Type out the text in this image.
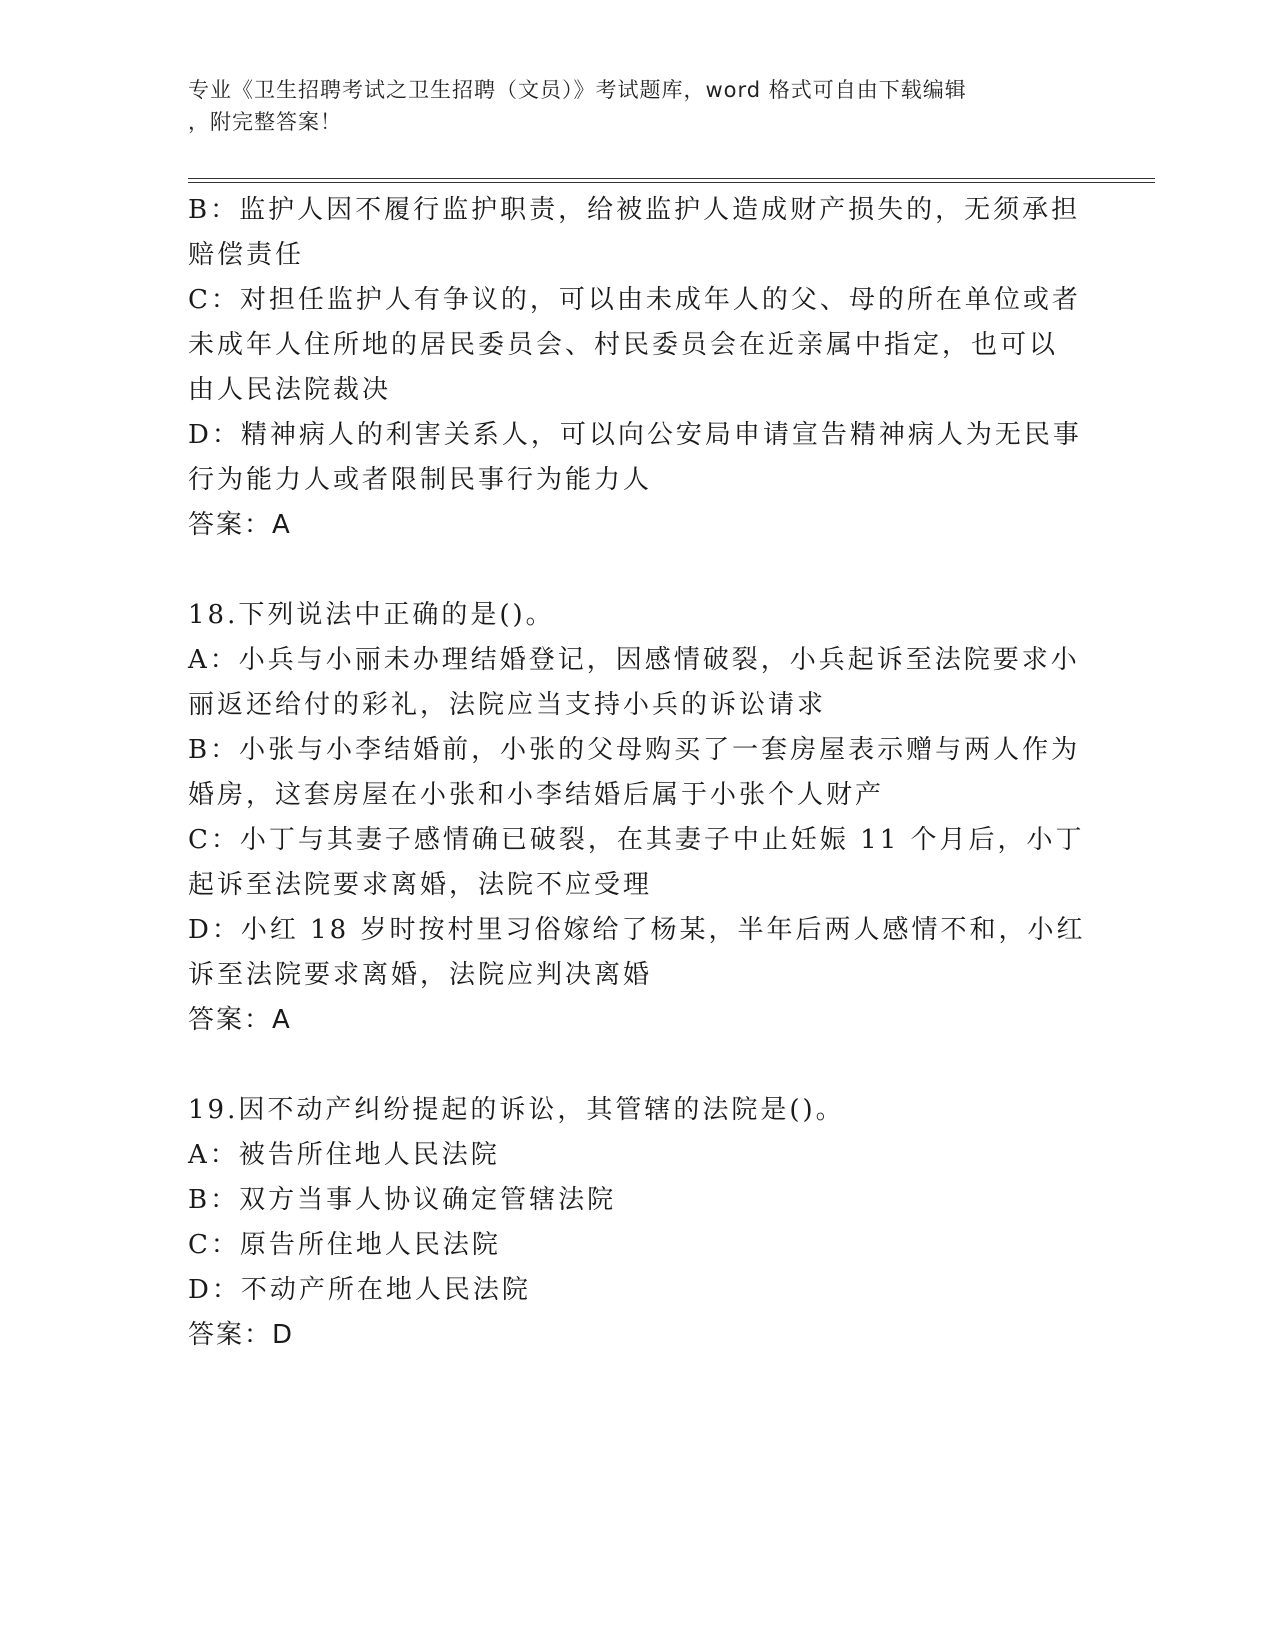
专业《卫生招聘考试之卫生招聘（文员）》考试题库，word 格式可自由下载编辑
，附完整答案！
B：监护人因不履行监护职责，给被监护人造成财产损失的，无须承担
赔偿责任
C：对担任监护人有争议的，可以由未成年人的父、母的所在单位或者
未成年人住所地的居民委员会、村民委员会在近亲属中指定，也可以
由人民法院裁决
D：精神病人的利害关系人，可以向公安局申请宣告精神病人为无民事
行为能力人或者限制民事行为能力人
答案：A
18.下列说法中正确的是()。
A：小兵与小丽未办理结婚登记，因感情破裂，小兵起诉至法院要求小
丽返还给付的彩礼，法院应当支持小兵的诉讼请求
B：小张与小李结婚前，小张的父母购买了一套房屋表示赠与两人作为
婚房，这套房屋在小张和小李结婚后属于小张个人财产
C：小丁与其妻子感情确已破裂，在其妻子中止妊娠 11 个月后，小丁
起诉至法院要求离婚，法院不应受理
D：小红 18 岁时按村里习俗嫁给了杨某，半年后两人感情不和，小红
诉至法院要求离婚，法院应判决离婚
答案：A
19.因不动产纠纷提起的诉讼，其管辖的法院是()。
A：被告所住地人民法院
B：双方当事人协议确定管辖法院
C：原告所住地人民法院
D：不动产所在地人民法院
答案：D
